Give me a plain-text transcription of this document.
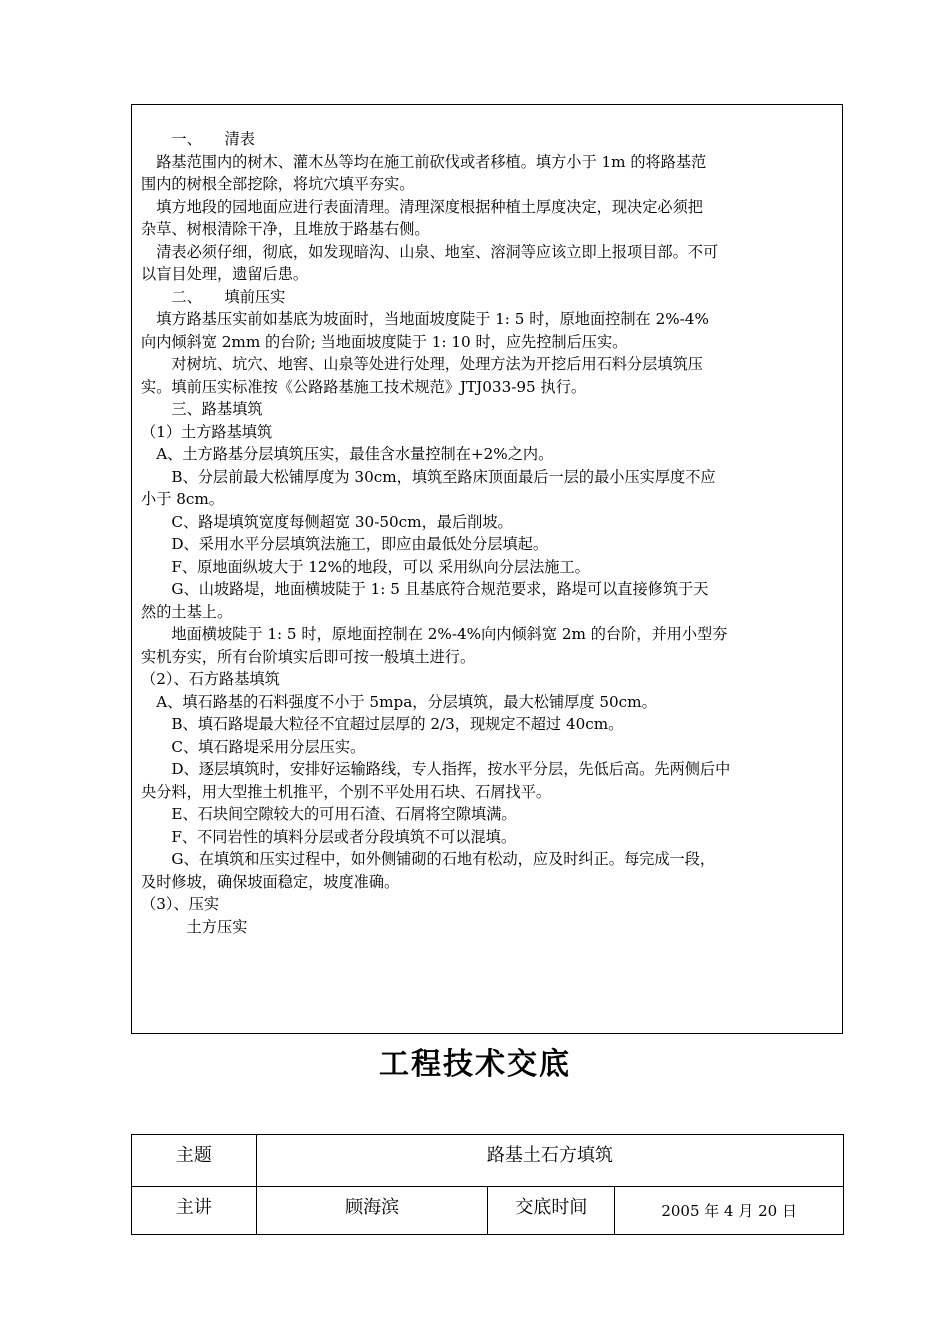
　　一、　　清表

　路基范围内的树木、灌木丛等均在施工前砍伐或者移植。填方小于 1m 的将路基范

围内的树根全部挖除，将坑穴填平夯实。

　填方地段的园地面应进行表面清理。清理深度根据种植土厚度决定，现决定必须把

杂草、树根清除干净，且堆放于路基右侧。

　清表必须仔细，彻底，如发现暗沟、山泉、地室、溶洞等应该立即上报项目部。不可

以盲目处理，遗留后患。

　　二、　　填前压实

　填方路基压实前如基底为坡面时，当地面坡度陡于 1: 5 时，原地面控制在 2%-4%

向内倾斜宽 2mm 的台阶; 当地面坡度陡于 1: 10 时，应先控制后压实。

　　对树坑、坑穴、地窖、山泉等处进行处理，处理方法为开挖后用石料分层填筑压

实。填前压实标准按《公路路基施工技术规范》JTJ033-95 执行。

　　三、路基填筑

（1）土方路基填筑

　A、土方路基分层填筑压实，最佳含水量控制在+2%之内。

　　B、分层前最大松铺厚度为 30cm，填筑至路床顶面最后一层的最小压实厚度不应

小于 8cm。

　　C、路堤填筑宽度每侧超宽 30-50cm，最后削坡。

　　D、采用水平分层填筑法施工，即应由最低处分层填起。

　　F、原地面纵坡大于 12%的地段，可以 采用纵向分层法施工。

　　G、山坡路堤，地面横坡陡于 1: 5 且基底符合规范要求，路堤可以直接修筑于天

然的土基上。

　　地面横坡陡于 1: 5 时，原地面控制在 2%-4%向内倾斜宽 2m 的台阶，并用小型夯

实机夯实，所有台阶填实后即可按一般填土进行。

（2）、石方路基填筑

　A、填石路基的石料强度不小于 5mpa，分层填筑，最大松铺厚度 50cm。

　　B、填石路堤最大粒径不宜超过层厚的 2/3，现规定不超过 40cm。

　　C、填石路堤采用分层压实。

　　D、逐层填筑时，安排好运输路线，专人指挥，按水平分层，先低后高。先两侧后中

央分料，用大型推土机推平，个别不平处用石块、石屑找平。

　　E、石块间空隙较大的可用石渣、石屑将空隙填满。

　　F、不同岩性的填料分层或者分段填筑不可以混填。

　　G、在填筑和压实过程中，如外侧铺砌的石地有松动，应及时纠正。每完成一段，

及时修坡，确保坡面稳定，坡度准确。

（3）、压实

　　　土方压实

工程技术交底
主题	路基土石方填筑		
主讲	顾海滨	交底时间	2005 年 4 月 20 日
